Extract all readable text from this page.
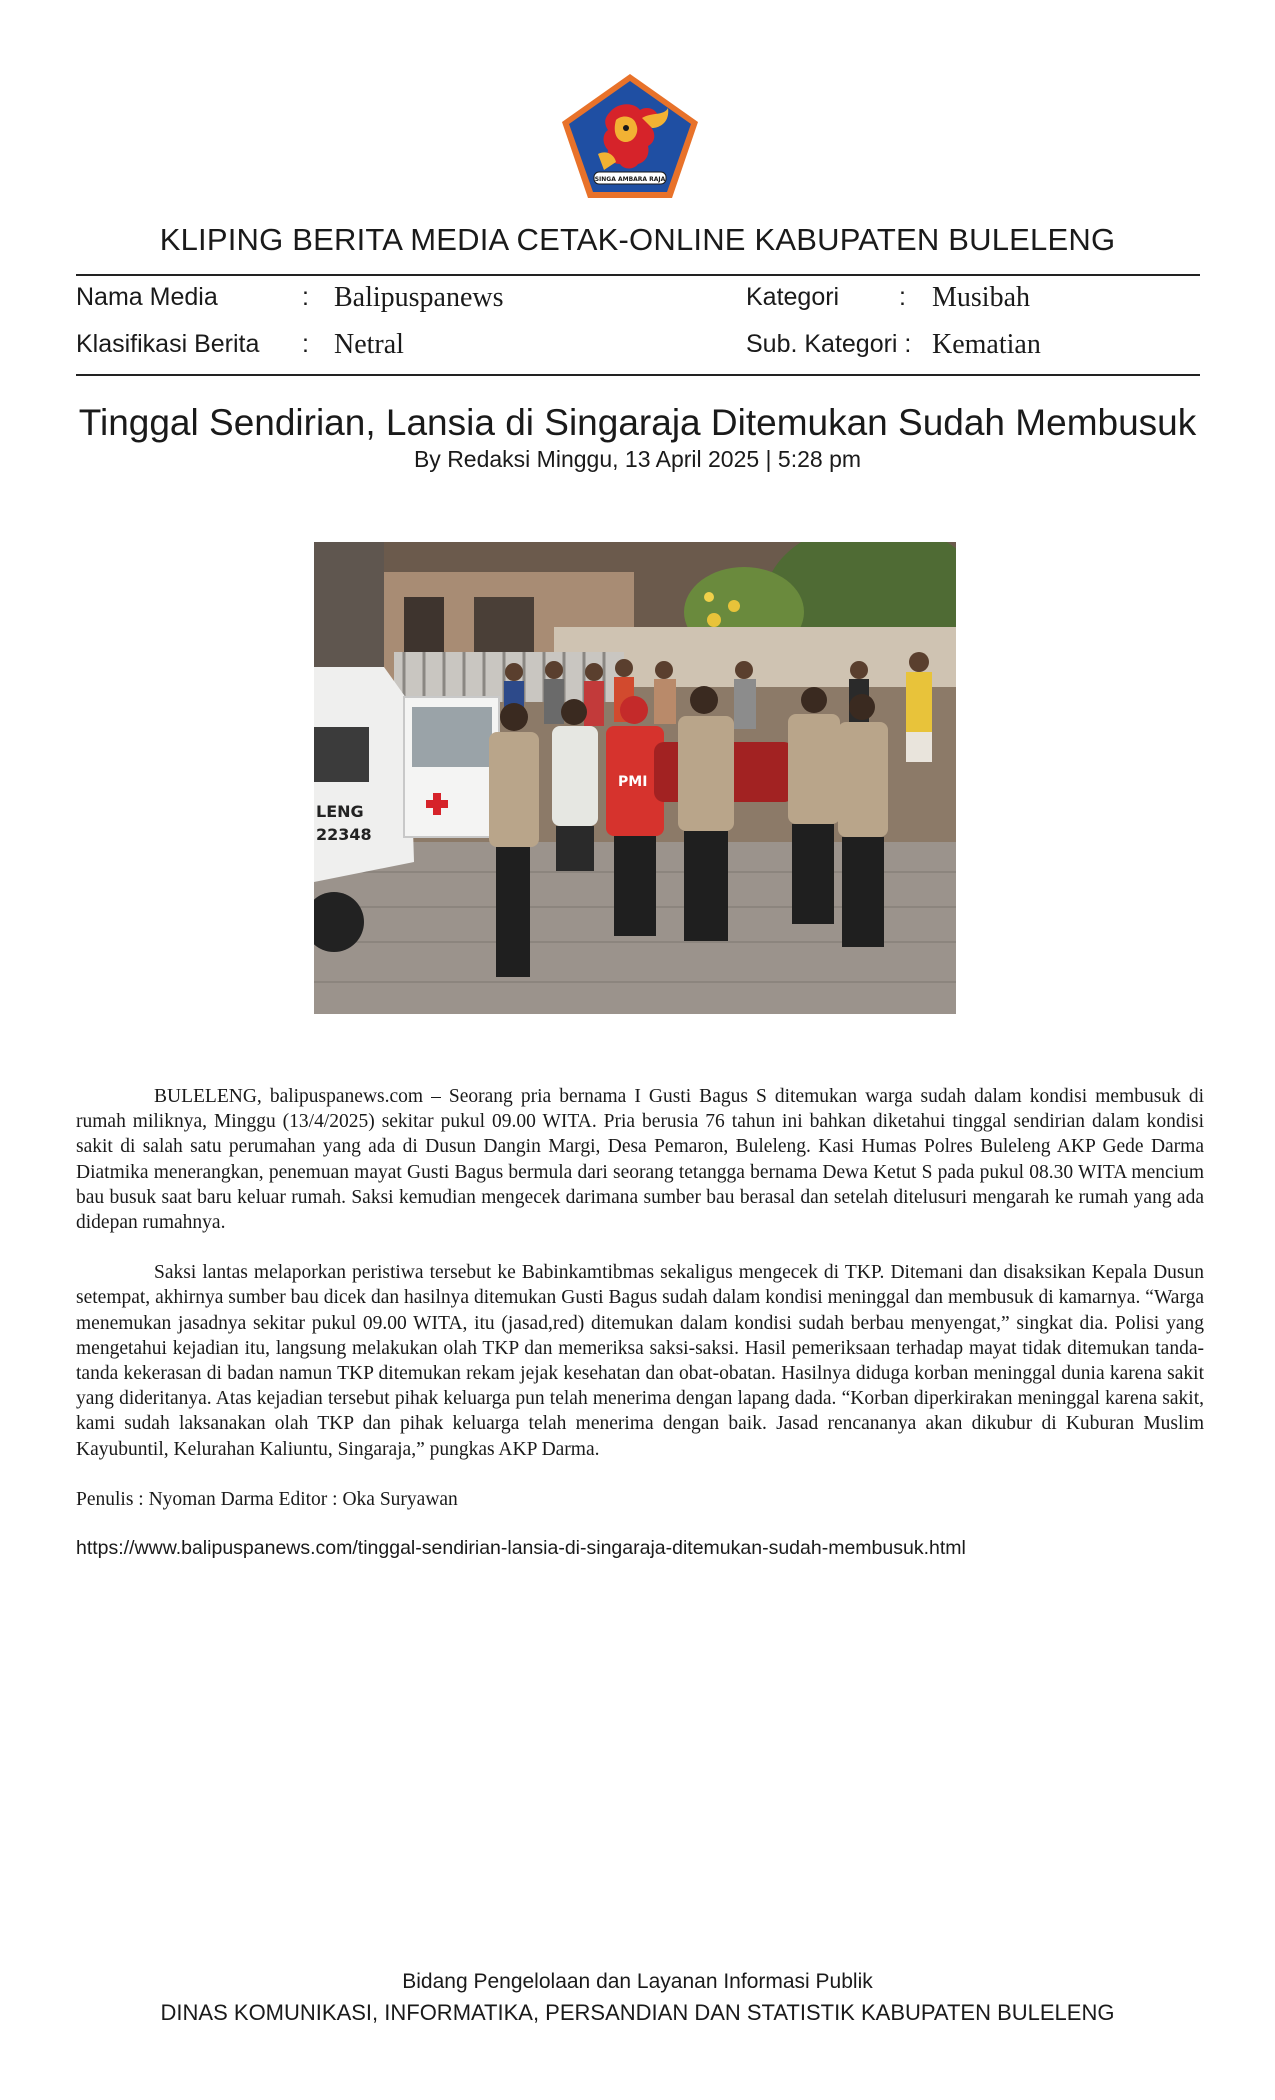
SINGA AMBARA RAJA
KLIPING BERITA MEDIA CETAK-ONLINE KABUPATEN BULELENG
Nama Media	: Balipuspanews	Kategori : Musibah
Klasifikasi Berita : Netral	Sub. Kategori : Kematian
Tinggal Sendirian, Lansia di Singaraja Ditemukan Sudah Membusuk
By Redaksi Minggu, 13 April 2025 | 5:28 pm
LENG
22348
PMI

BULELENG, balipuspanews.com – Seorang pria bernama I Gusti Bagus S ditemukan warga sudah dalam kondisi membusuk di rumah miliknya, Minggu (13/4/2025) sekitar pukul 09.00 WITA. Pria berusia 76 tahun ini bahkan diketahui tinggal sendirian dalam kondisi sakit di salah satu perumahan yang ada di Dusun Dangin Margi, Desa Pemaron, Buleleng. Kasi Humas Polres Buleleng AKP Gede Darma Diatmika menerangkan, penemuan mayat Gusti Bagus bermula dari seorang tetangga bernama Dewa Ketut S pada pukul 08.30 WITA mencium bau busuk saat baru keluar rumah. Saksi kemudian mengecek darimana sumber bau berasal dan setelah ditelusuri mengarah ke rumah yang ada didepan rumahnya.

Saksi lantas melaporkan peristiwa tersebut ke Babinkamtibmas sekaligus mengecek di TKP. Ditemani dan disaksikan Kepala Dusun setempat, akhirnya sumber bau dicek dan hasilnya ditemukan Gusti Bagus sudah dalam kondisi meninggal dan membusuk di kamarnya. “Warga menemukan jasadnya sekitar pukul 09.00 WITA, itu (jasad,red) ditemukan dalam kondisi sudah berbau menyengat,” singkat dia. Polisi yang mengetahui kejadian itu, langsung melakukan olah TKP dan memeriksa saksi-saksi. Hasil pemeriksaan terhadap mayat tidak ditemukan tanda-tanda kekerasan di badan namun TKP ditemukan rekam jejak kesehatan dan obat-obatan. Hasilnya diduga korban meninggal dunia karena sakit yang dideritanya. Atas kejadian tersebut pihak keluarga pun telah menerima dengan lapang dada. “Korban diperkirakan meninggal karena sakit, kami sudah laksanakan olah TKP dan pihak keluarga telah menerima dengan baik. Jasad rencananya akan dikubur di Kuburan Muslim Kayubuntil, Kelurahan Kaliuntu, Singaraja,” pungkas AKP Darma.

Penulis : Nyoman Darma Editor : Oka Suryawan

https://www.balipuspanews.com/tinggal-sendirian-lansia-di-singaraja-ditemukan-sudah-membusuk.html
Bidang Pengelolaan dan Layanan Informasi Publik
DINAS KOMUNIKASI, INFORMATIKA, PERSANDIAN DAN STATISTIK KABUPATEN BULELENG
